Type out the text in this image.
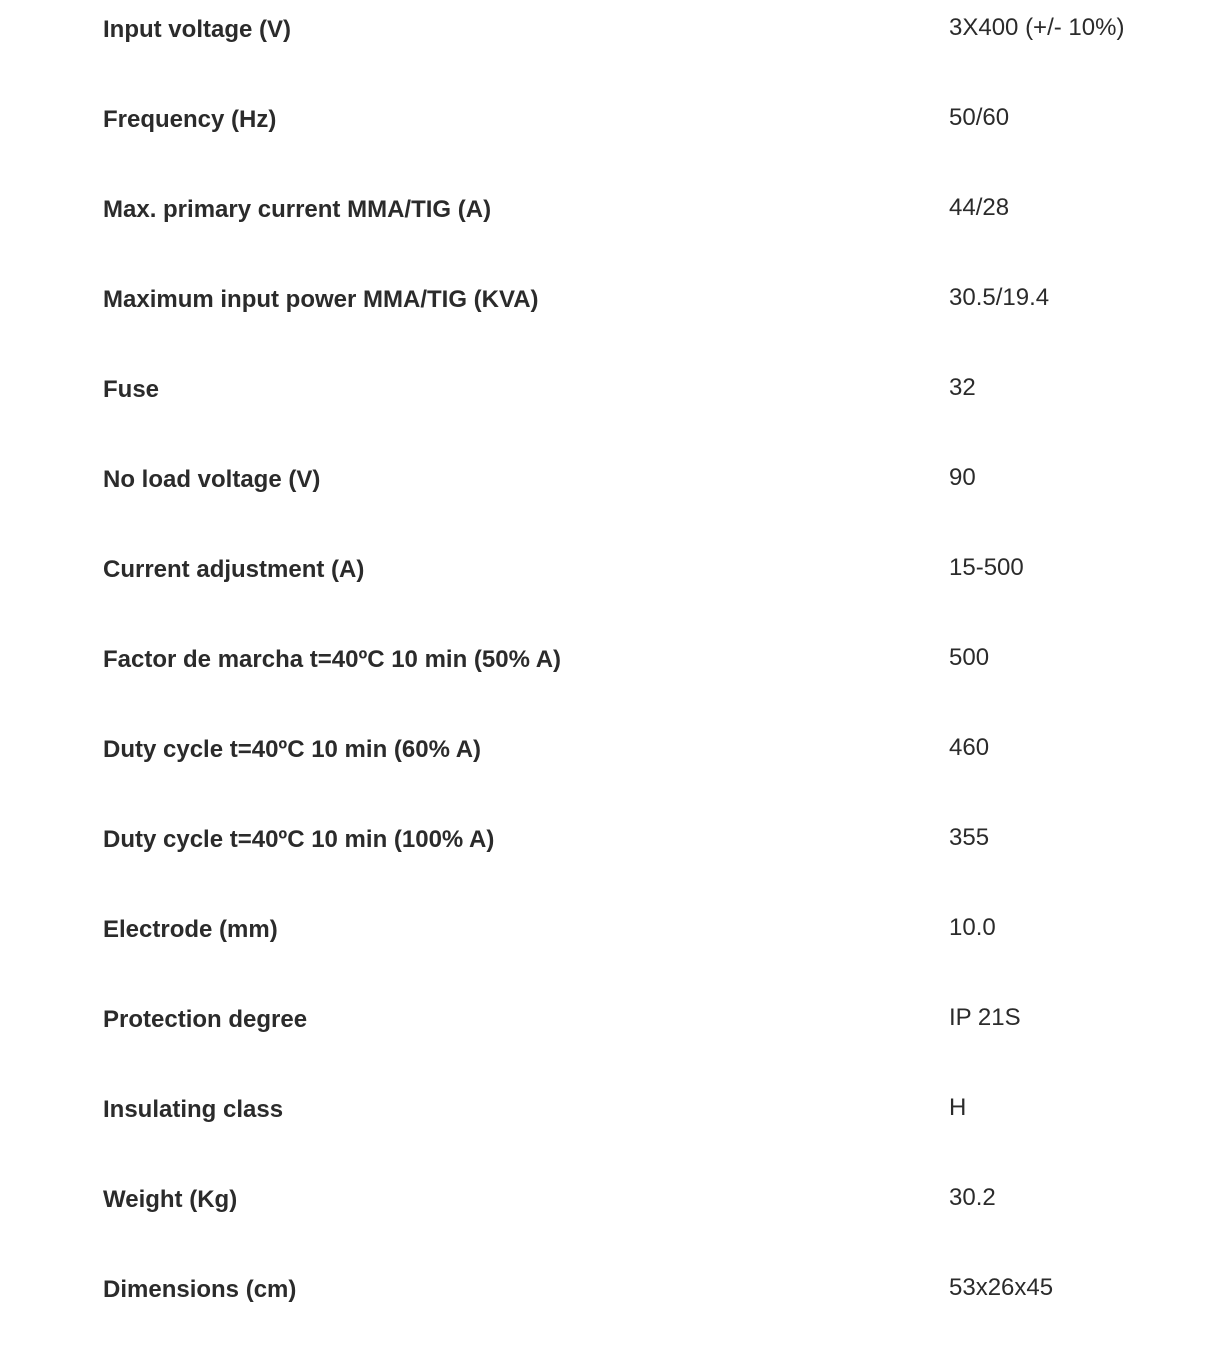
Input voltage (V)	3X400 (+/- 10%)
Frequency (Hz)	50/60
Max. primary current MMA/TIG (A)	44/28
Maximum input power MMA/TIG (KVA)	30.5/19.4
Fuse	32
No load voltage (V)	90
Current adjustment (A)	15-500
Factor de marcha t=40ºC 10 min (50% A)	500
Duty cycle t=40ºC 10 min (60% A)	460
Duty cycle t=40ºC 10 min (100% A)	355
Electrode (mm)	10.0
Protection degree	IP 21S
Insulating class	H
Weight (Kg)	30.2
Dimensions (cm)	53x26x45
